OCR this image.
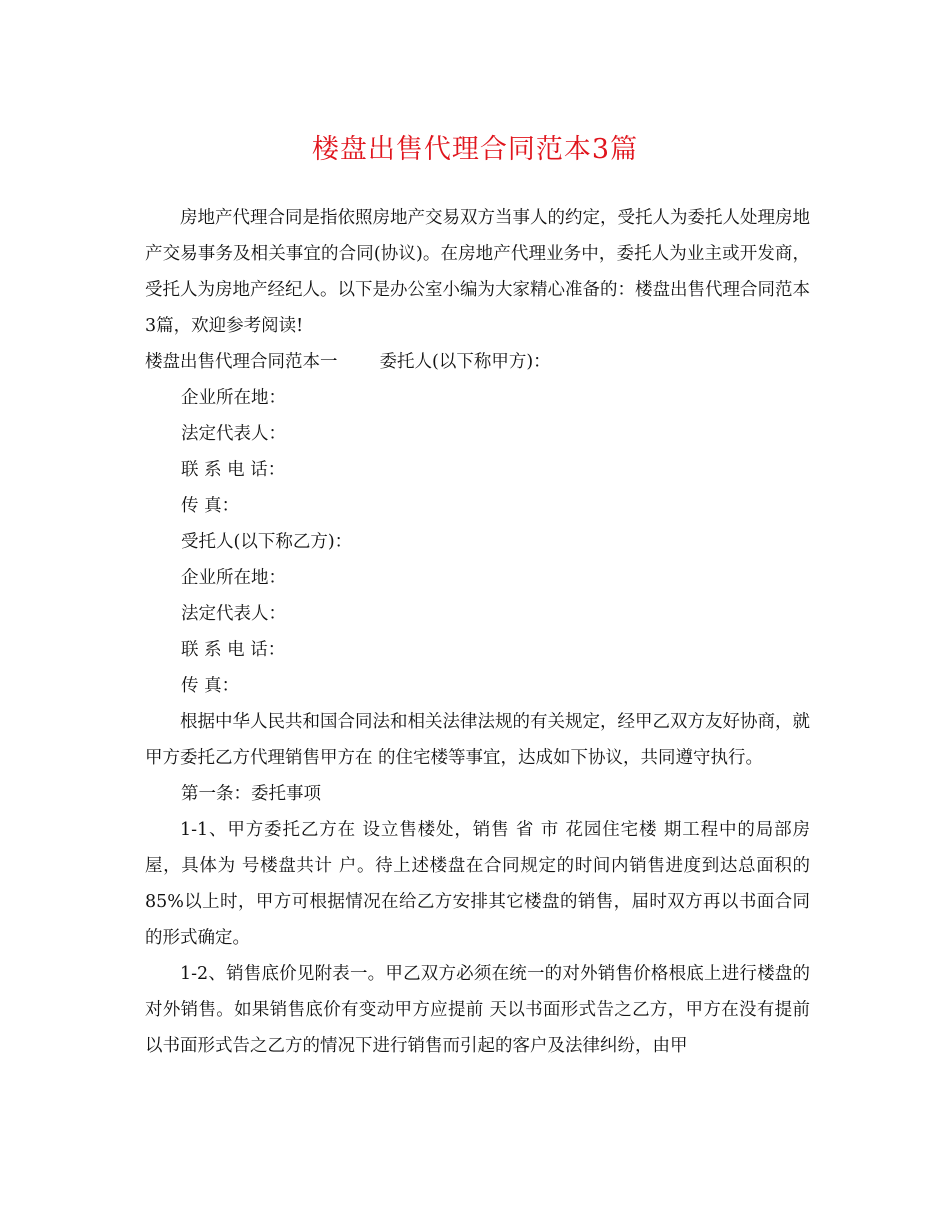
楼盘出售代理合同范本3篇

房地产代理合同是指依照房地产交易双方当事人的约定，受托人为委托人处理房地产交易事务及相关事宜的合同(协议)。在房地产代理业务中，委托人为业主或开发商，受托人为房地产经纪人。以下是办公室小编为大家精心准备的：楼盘出售代理合同范本3篇，欢迎参考阅读!

楼盘出售代理合同范本一 委托人(以下称甲方)：

企业所在地：

法定代表人：

联 系 电 话：

传 真：

受托人(以下称乙方)：

企业所在地：

法定代表人：

联 系 电 话：

传 真：

根据中华人民共和国合同法和相关法律法规的有关规定，经甲乙双方友好协商，就甲方委托乙方代理销售甲方在 的住宅楼等事宜，达成如下协议，共同遵守执行。

第一条：委托事项

1-1、甲方委托乙方在 设立售楼处，销售 省 市 花园住宅楼 期工程中的局部房屋，具体为 号楼盘共计 户。待上述楼盘在合同规定的时间内销售进度到达总面积的85%以上时，甲方可根据情况在给乙方安排其它楼盘的销售，届时双方再以书面合同的形式确定。

1-2、销售底价见附表一。甲乙双方必须在统一的对外销售价格根底上进行楼盘的对外销售。如果销售底价有变动甲方应提前 天以书面形式告之乙方，甲方在没有提前以书面形式告之乙方的情况下进行销售而引起的客户及法律纠纷，由甲
